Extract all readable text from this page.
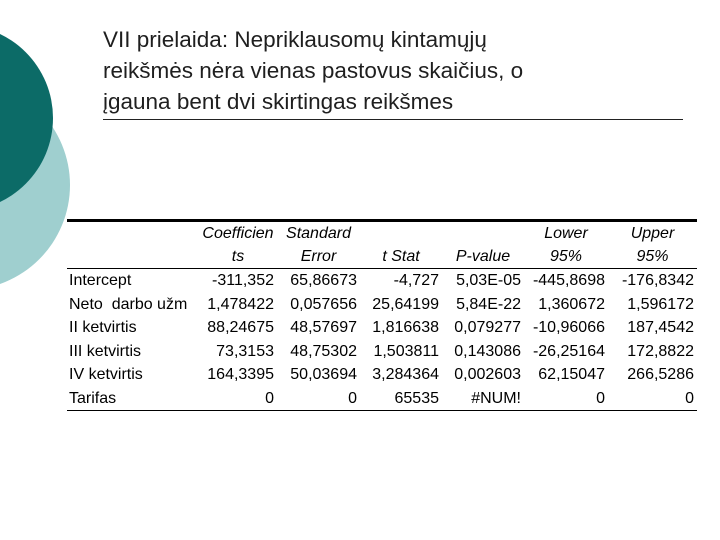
VII prielaida: Nepriklausomų kintamųjų
reikšmės nėra vienas pastovus skaičius, o
įgauna bent dvi skirtingas reikšmes
	Coefficien	Standard			Lower	Upper
	ts	Error	t Stat	P-value	95%	95%
Intercept	-311,352	65,86673	-4,727	5,03E-05	-445,8698	-176,8342
Neto  darbo užm	1,478422	0,057656	25,64199	5,84E-22	1,360672	1,596172
II ketvirtis	88,24675	48,57697	1,816638	0,079277	-10,96066	187,4542
III ketvirtis	73,3153	48,75302	1,503811	0,143086	-26,25164	172,8822
IV ketvirtis	164,3395	50,03694	3,284364	0,002603	62,15047	266,5286
Tarifas	0	0	65535	#NUM!	0	0
